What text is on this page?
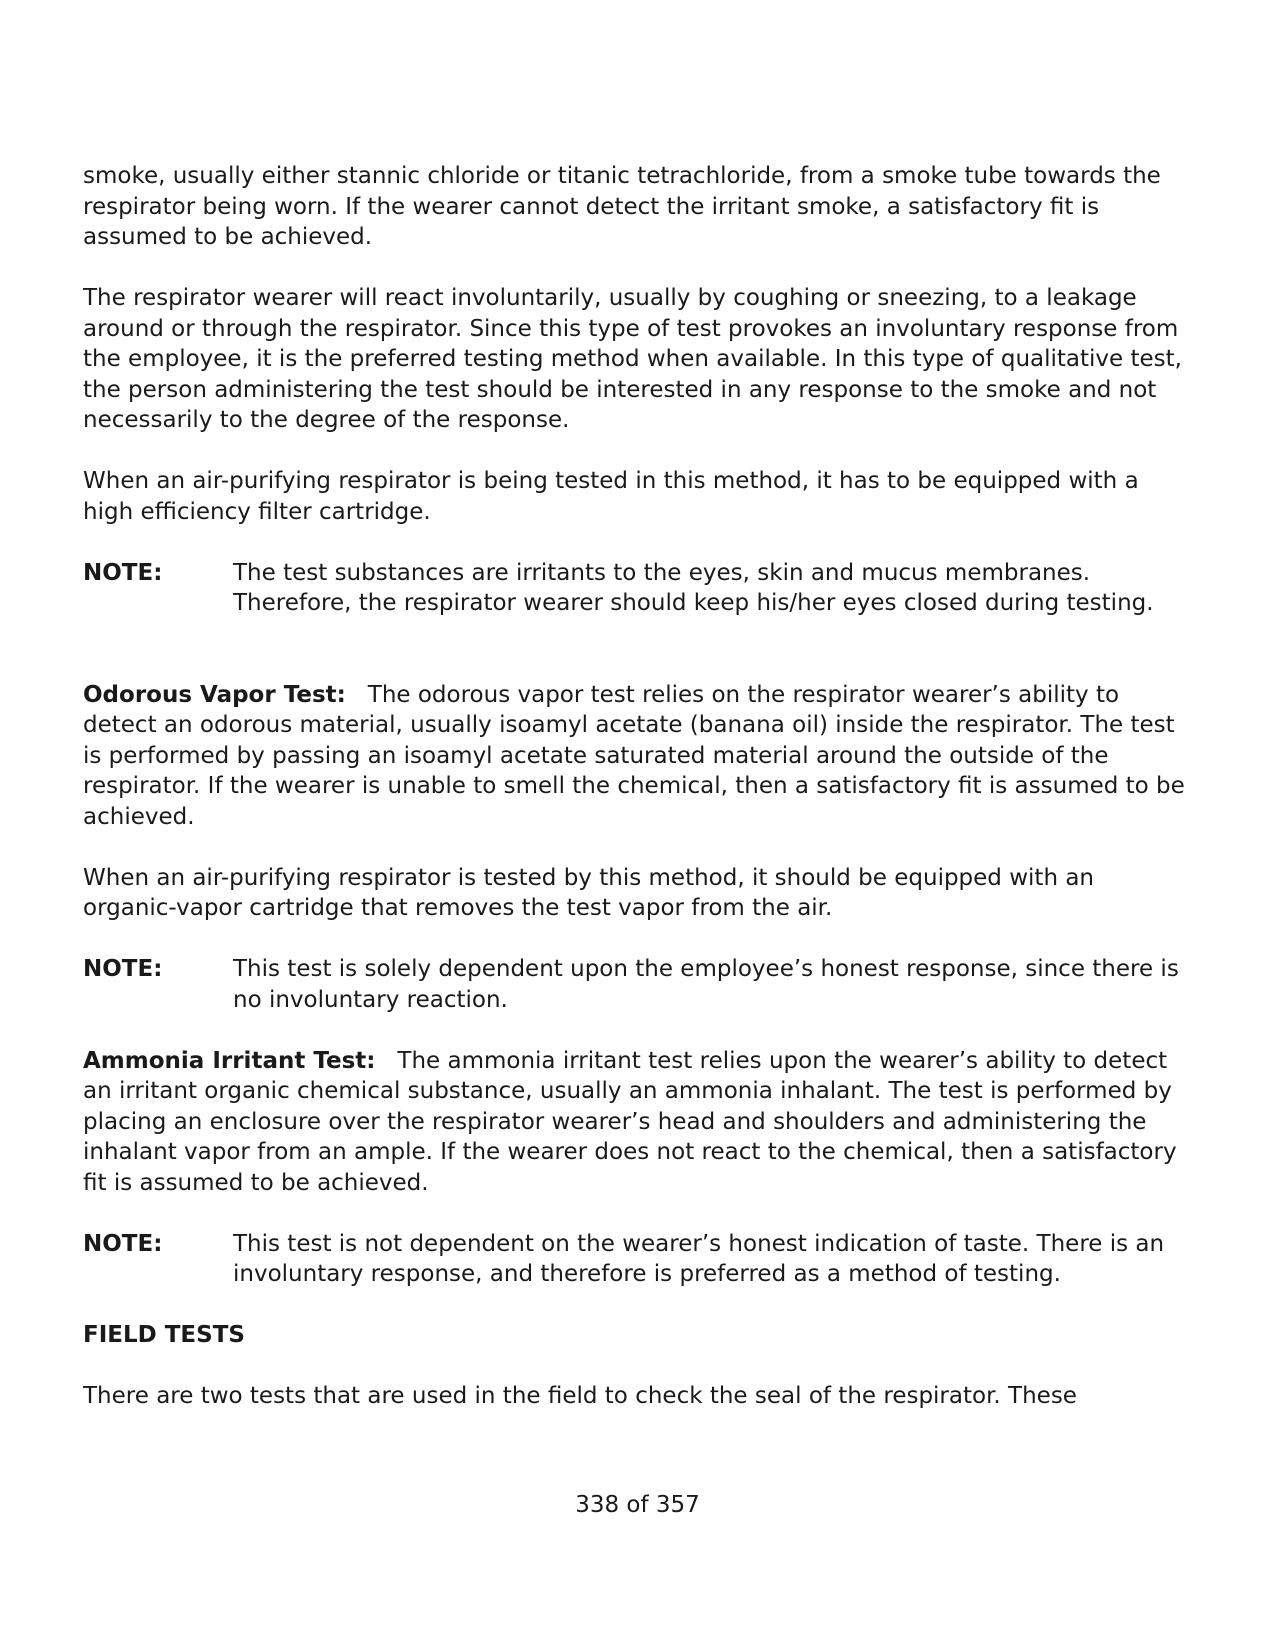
smoke, usually either stannic chloride or titanic tetrachloride, from a smoke tube towards the respirator being worn. If the wearer cannot detect the irritant smoke, a satisfactory fit is assumed to be achieved.

The respirator wearer will react involuntarily, usually by coughing or sneezing, to a leakage around or through the respirator. Since this type of test provokes an involuntary response from the employee, it is the preferred testing method when available. In this type of qualitative test, the person administering the test should be interested in any response to the smoke and not necessarily to the degree of the response.

When an air-purifying respirator is being tested in this method, it has to be equipped with a high efficiency filter cartridge.

NOTE:	The test substances are irritants to the eyes, skin and mucus membranes. Therefore, the respirator wearer should keep his/her eyes closed during testing.

Odorous Vapor Test: The odorous vapor test relies on the respirator wearer’s ability to detect an odorous material, usually isoamyl acetate (banana oil) inside the respirator. The test is performed by passing an isoamyl acetate saturated material around the outside of the respirator. If the wearer is unable to smell the chemical, then a satisfactory fit is assumed to be achieved.

When an air-purifying respirator is tested by this method, it should be equipped with an organic-vapor cartridge that removes the test vapor from the air.

NOTE:	This test is solely dependent upon the employee’s honest response, since there is no involuntary reaction.

Ammonia Irritant Test: The ammonia irritant test relies upon the wearer’s ability to detect an irritant organic chemical substance, usually an ammonia inhalant. The test is performed by placing an enclosure over the respirator wearer’s head and shoulders and administering the inhalant vapor from an ample. If the wearer does not react to the chemical, then a satisfactory fit is assumed to be achieved.

NOTE:	This test is not dependent on the wearer’s honest indication of taste. There is an involuntary response, and therefore is preferred as a method of testing.
FIELD TESTS

There are two tests that are used in the field to check the seal of the respirator. These

338 of 357
